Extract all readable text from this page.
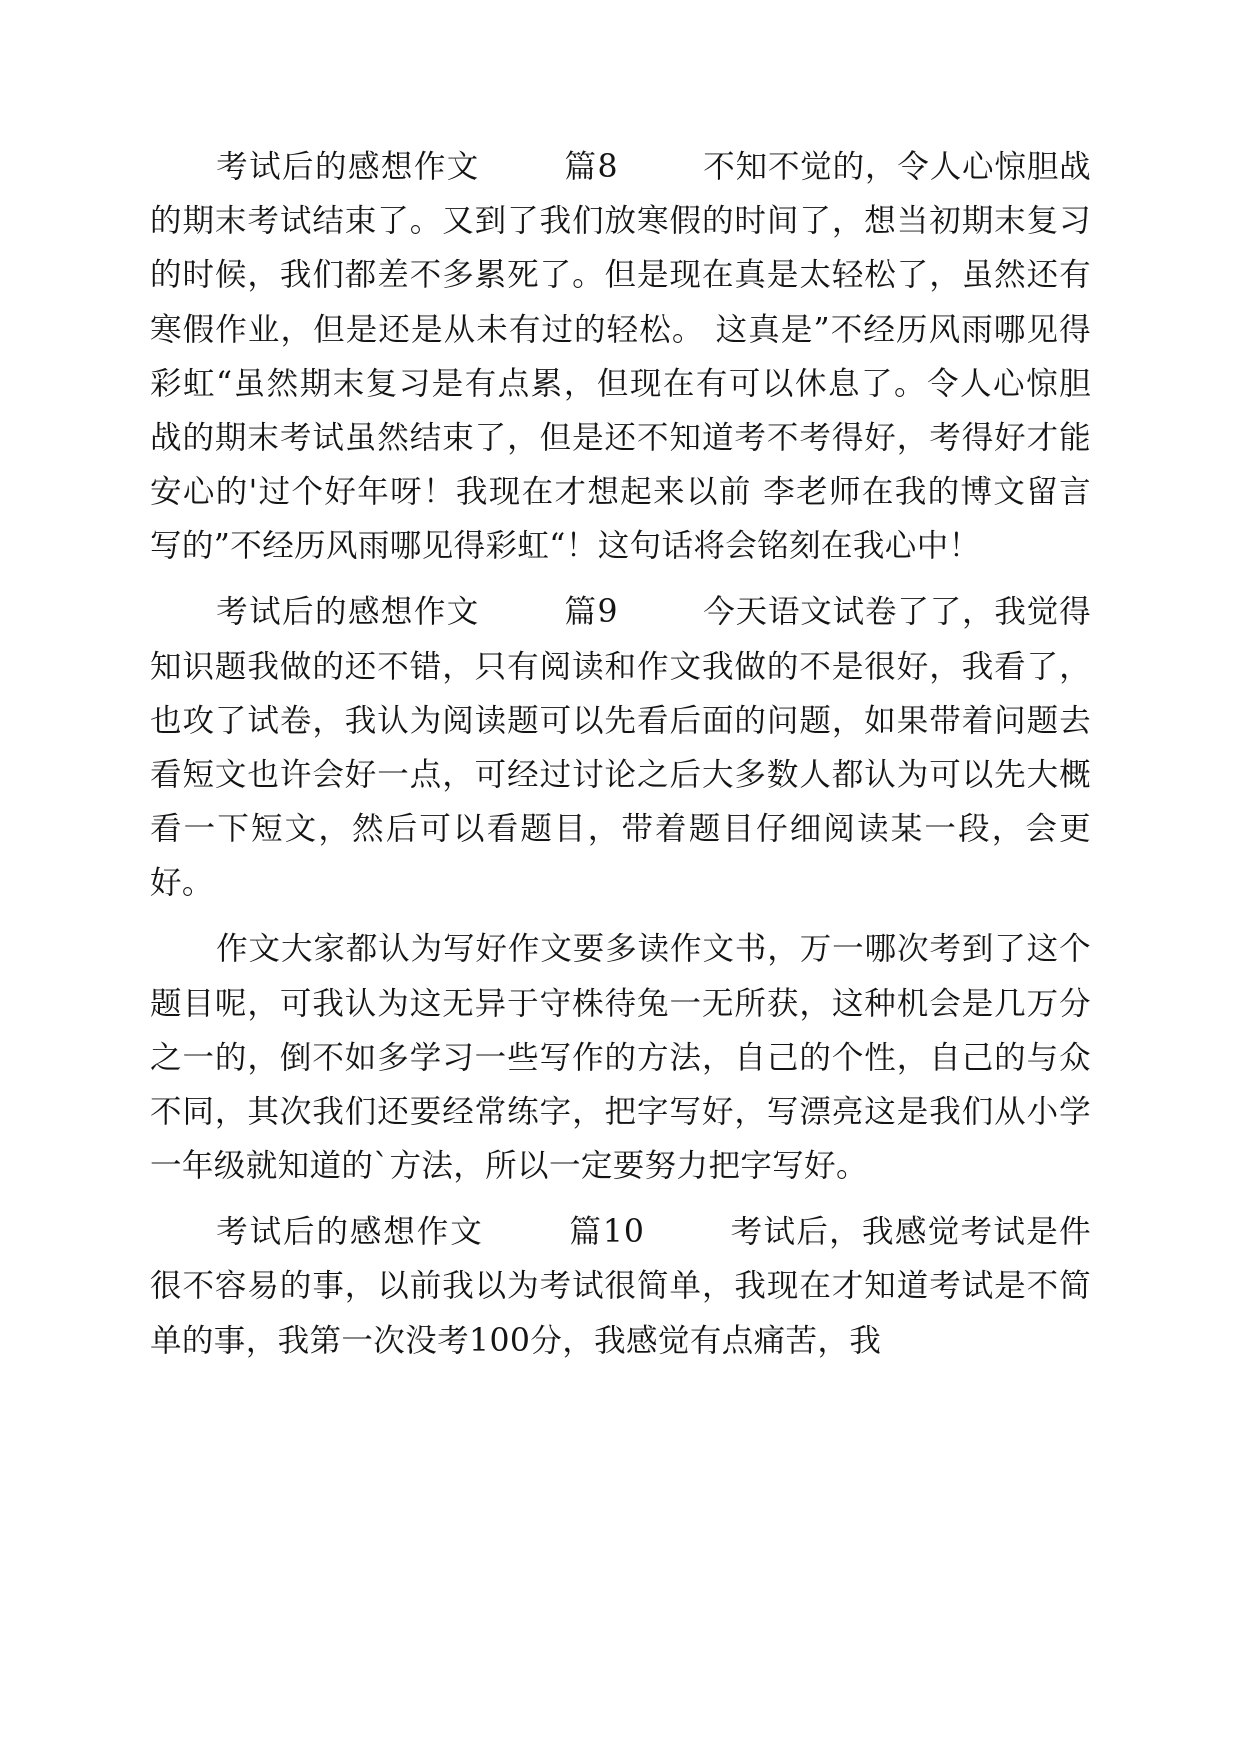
考试后的感想作文	篇8	不知不觉的，令人心惊胆战的期末考试结束了。又到了我们放寒假的时间了，想当初期末复习的时候，我们都差不多累死了。但是现在真是太轻松了，虽然还有寒假作业，但是还是从未有过的轻松。 这真是”不经历风雨哪见得彩虹“虽然期末复习是有点累，但现在有可以休息了。令人心惊胆战的期末考试虽然结束了，但是还不知道考不考得好，考得好才能安心的'过个好年呀！我现在才想起来以前 李老师在我的博文留言写的”不经历风雨哪见得彩虹“！这句话将会铭刻在我心中！

考试后的感想作文	篇9	今天语文试卷了了，我觉得知识题我做的还不错，只有阅读和作文我做的不是很好，我看了，也攻了试卷，我认为阅读题可以先看后面的问题，如果带着问题去看短文也许会好一点，可经过讨论之后大多数人都认为可以先大概看一下短文，然后可以看题目，带着题目仔细阅读某一段，会更好。

作文大家都认为写好作文要多读作文书，万一哪次考到了这个题目呢，可我认为这无异于守株待兔一无所获，这种机会是几万分之一的，倒不如多学习一些写作的方法，自己的个性，自己的与众不同，其次我们还要经常练字，把字写好，写漂亮这是我们从小学一年级就知道的`方法，所以一定要努力把字写好。

考试后的感想作文	篇10	考试后，我感觉考试是件很不容易的事，以前我以为考试很简单，我现在才知道考试是不简单的事，我第一次没考100分，我感觉有点痛苦，我
